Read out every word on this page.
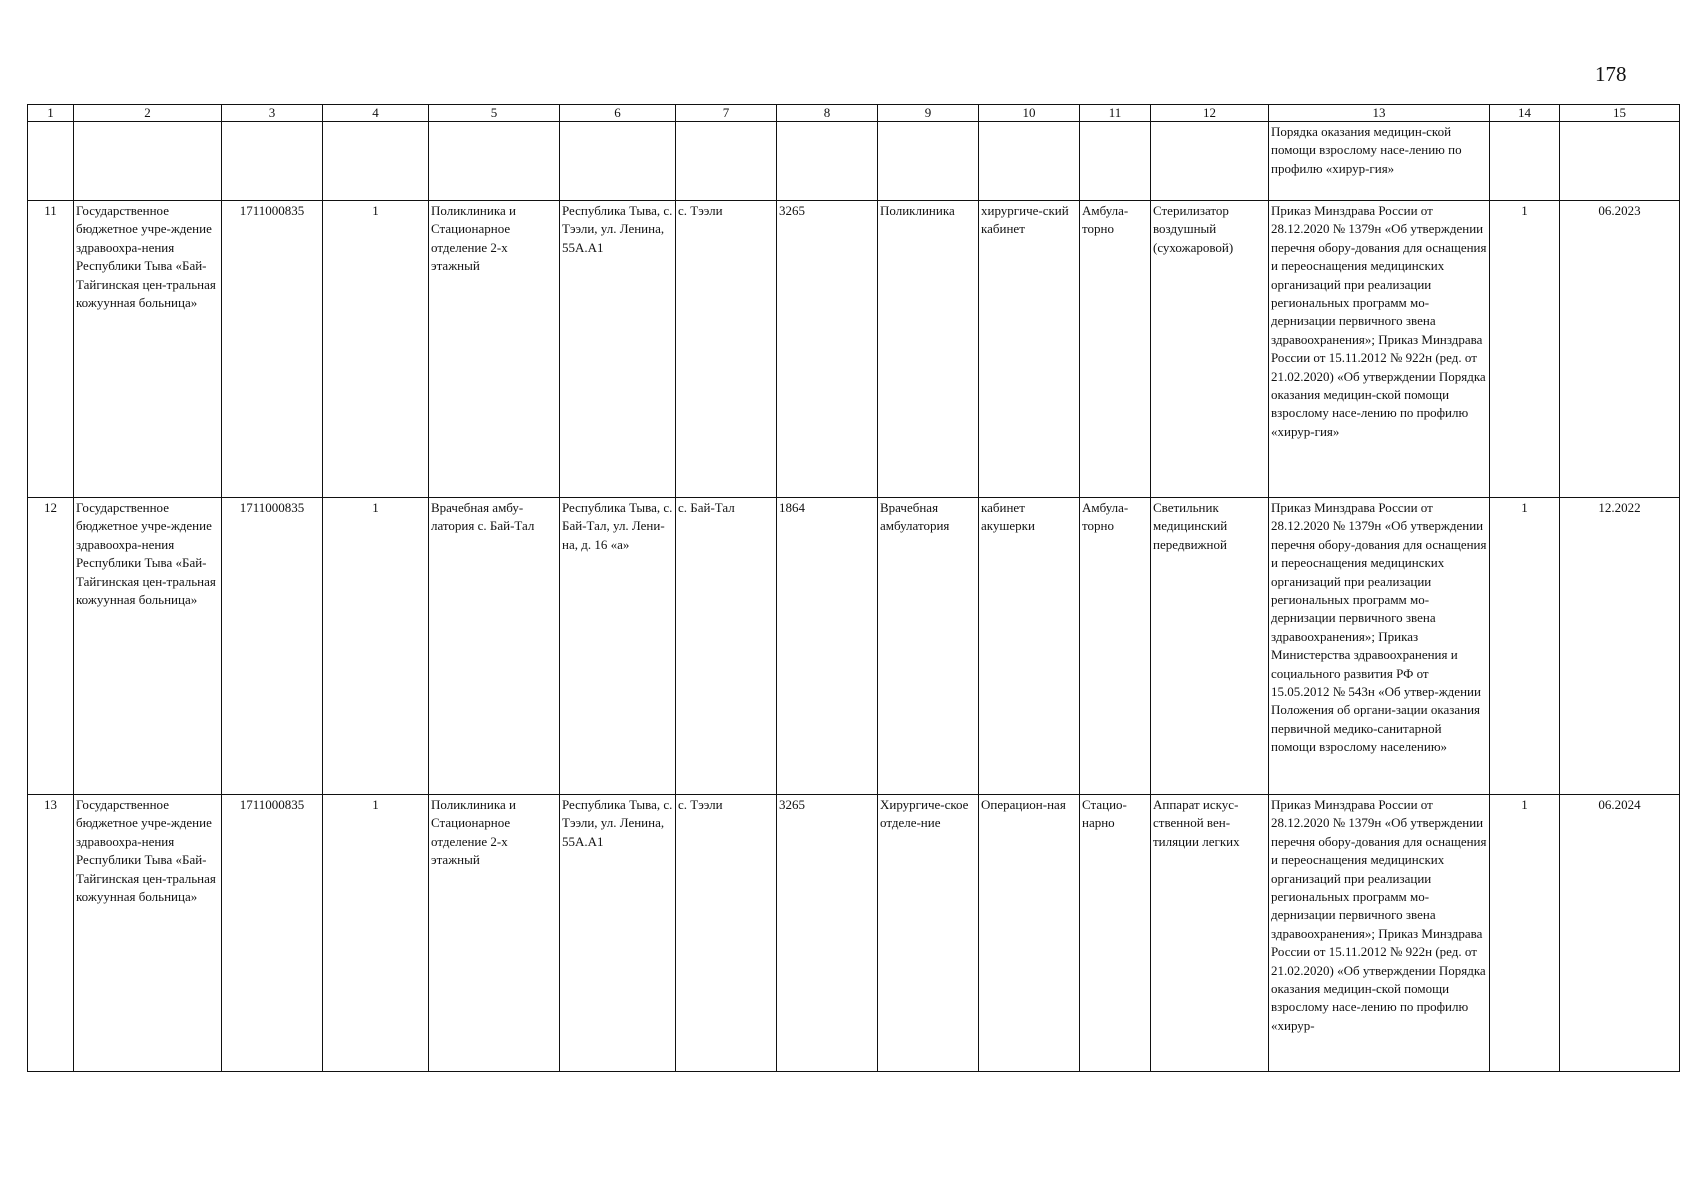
178
1	2	3	4	5	6	7	8	9	10	11	12	13	14	15
												Порядка оказания медицин-ской помощи взрослому насе-лению по профилю «хирур-гия»		
11	Государственное бюджетное учре-ждение здравоохра-нения Республики Тыва «Бай-Тайгинская цен-тральная кожуунная больница»	1711000835	1	Поликлиника и Стационарное отделение 2-х этажный	Республика Тыва, с. Тээли, ул. Ленина, 55А.А1	с. Тээли	3265	Поликлиника	хирургиче-ский кабинет	Амбула-торно	Стерилизатор воздушный (сухожаровой)	Приказ Минздрава России от 28.12.2020 № 1379н «Об утверждении перечня обору-дования для оснащения и переоснащения медицинских организаций при реализации региональных программ мо-дернизации первичного звена здравоохранения»; Приказ Минздрава России от 15.11.2012 № 922н (ред. от 21.02.2020) «Об утверждении Порядка оказания медицин-ской помощи взрослому насе-лению по профилю «хирур-гия»	1	06.2023
12	Государственное бюджетное учре-ждение здравоохра-нения Республики Тыва «Бай-Тайгинская цен-тральная кожуунная больница»	1711000835	1	Врачебная амбу-латория с. Бай-Тал	Республика Тыва, с. Бай-Тал, ул. Лени-на, д. 16 «а»	с. Бай-Тал	1864	Врачебная амбулатория	кабинет акушерки	Амбула-торно	Светильник медицинский передвижной	Приказ Минздрава России от 28.12.2020 № 1379н «Об утверждении перечня обору-дования для оснащения и переоснащения медицинских организаций при реализации региональных программ мо-дернизации первичного звена здравоохранения»; Приказ Министерства здравоохранения и социального развития РФ от 15.05.2012 № 543н «Об утвер-ждении Положения об органи-зации оказания первичной медико-санитарной помощи взрослому населению»	1	12.2022
13	Государственное бюджетное учре-ждение здравоохра-нения Республики Тыва «Бай-Тайгинская цен-тральная кожуунная больница»	1711000835	1	Поликлиника и Стационарное отделение 2-х этажный	Республика Тыва, с. Тээли, ул. Ленина, 55А.А1	с. Тээли	3265	Хирургиче-ское отделе-ние	Операцион-ная	Стацио-нарно	Аппарат искус-ственной вен-тиляции легких	Приказ Минздрава России от 28.12.2020 № 1379н «Об утверждении перечня обору-дования для оснащения и переоснащения медицинских организаций при реализации региональных программ мо-дернизации первичного звена здравоохранения»; Приказ Минздрава России от 15.11.2012 № 922н (ред. от 21.02.2020) «Об утверждении Порядка оказания медицин-ской помощи взрослому насе-лению по профилю «хирур-	1	06.2024
